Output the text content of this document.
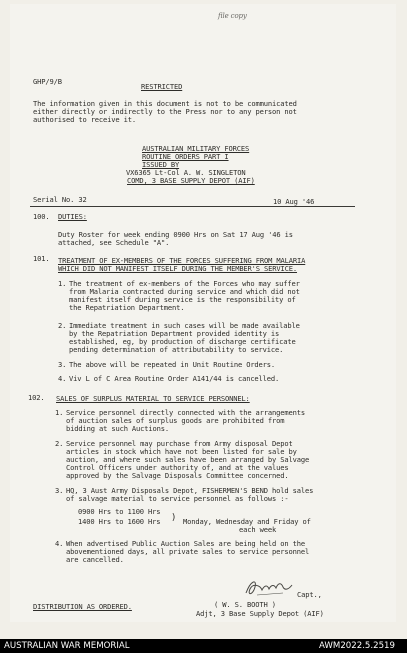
file copy
GHP/9/B
RESTRICTED
The information given in this document is not to be communicated
either directly or indirectly to the Press nor to any person not
authorised to receive it.
AUSTRALIAN MILITARY FORCES
ROUTINE ORDERS PART I
ISSUED BY
VX6365 Lt-Col A. W. SINGLETON
COMD, 3 BASE SUPPLY DEPOT (AIF)
Serial No. 32	10 Aug '46
100. DUTIES:
Duty Roster for week ending 0900 Hrs on Sat 17 Aug '46 is
attached, see Schedule "A".
101. TREATMENT OF EX-MEMBERS OF THE FORCES SUFFERING FROM MALARIA
WHICH DID NOT MANIFEST ITSELF DURING THE MEMBER'S SERVICE.
1. The treatment of ex-members of the Forces who may suffer
from Malaria contracted during service and which did not
manifest itself during service is the responsibility of
the Repatriation Department.
2. Immediate treatment in such cases will be made available
by the Repatriation Department provided identity is
established, eg, by production of discharge certificate
pending determination of attributability to service.
3. The above will be repeated in Unit Routine Orders.
4. Viv L of C Area Routine Order A141/44 is cancelled.
102. SALES OF SURPLUS MATERIAL TO SERVICE PERSONNEL:
1. Service personnel directly connected with the arrangements
of auction sales of surplus goods are prohibited from
bidding at such Auctions.
2. Service personnel may purchase from Army disposal Depot
articles in stock which have not been listed for sale by
auction, and where such sales have been arranged by Salvage
Control Officers under authority of, and at the values
approved by the Salvage Disposals Committee concerned.
3. HQ, 3 Aust Army Disposals Depot, FISHERMEN'S BEND hold sales
of salvage material to service personnel as follows :-
0900 Hrs to 1100 Hrs
1400 Hrs to 1600 Hrs ) Monday, Wednesday and Friday of
each week
4. When advertised Public Auction Sales are being held on the
abovementioned days, all private sales to service personnel
are cancelled.
Capt.,
( W. S. BOOTH )
Adjt, 3 Base Supply Depot (AIF)
DISTRIBUTION AS ORDERED.
AUSTRALIAN WAR MEMORIAL	AWM2022.5.2519
